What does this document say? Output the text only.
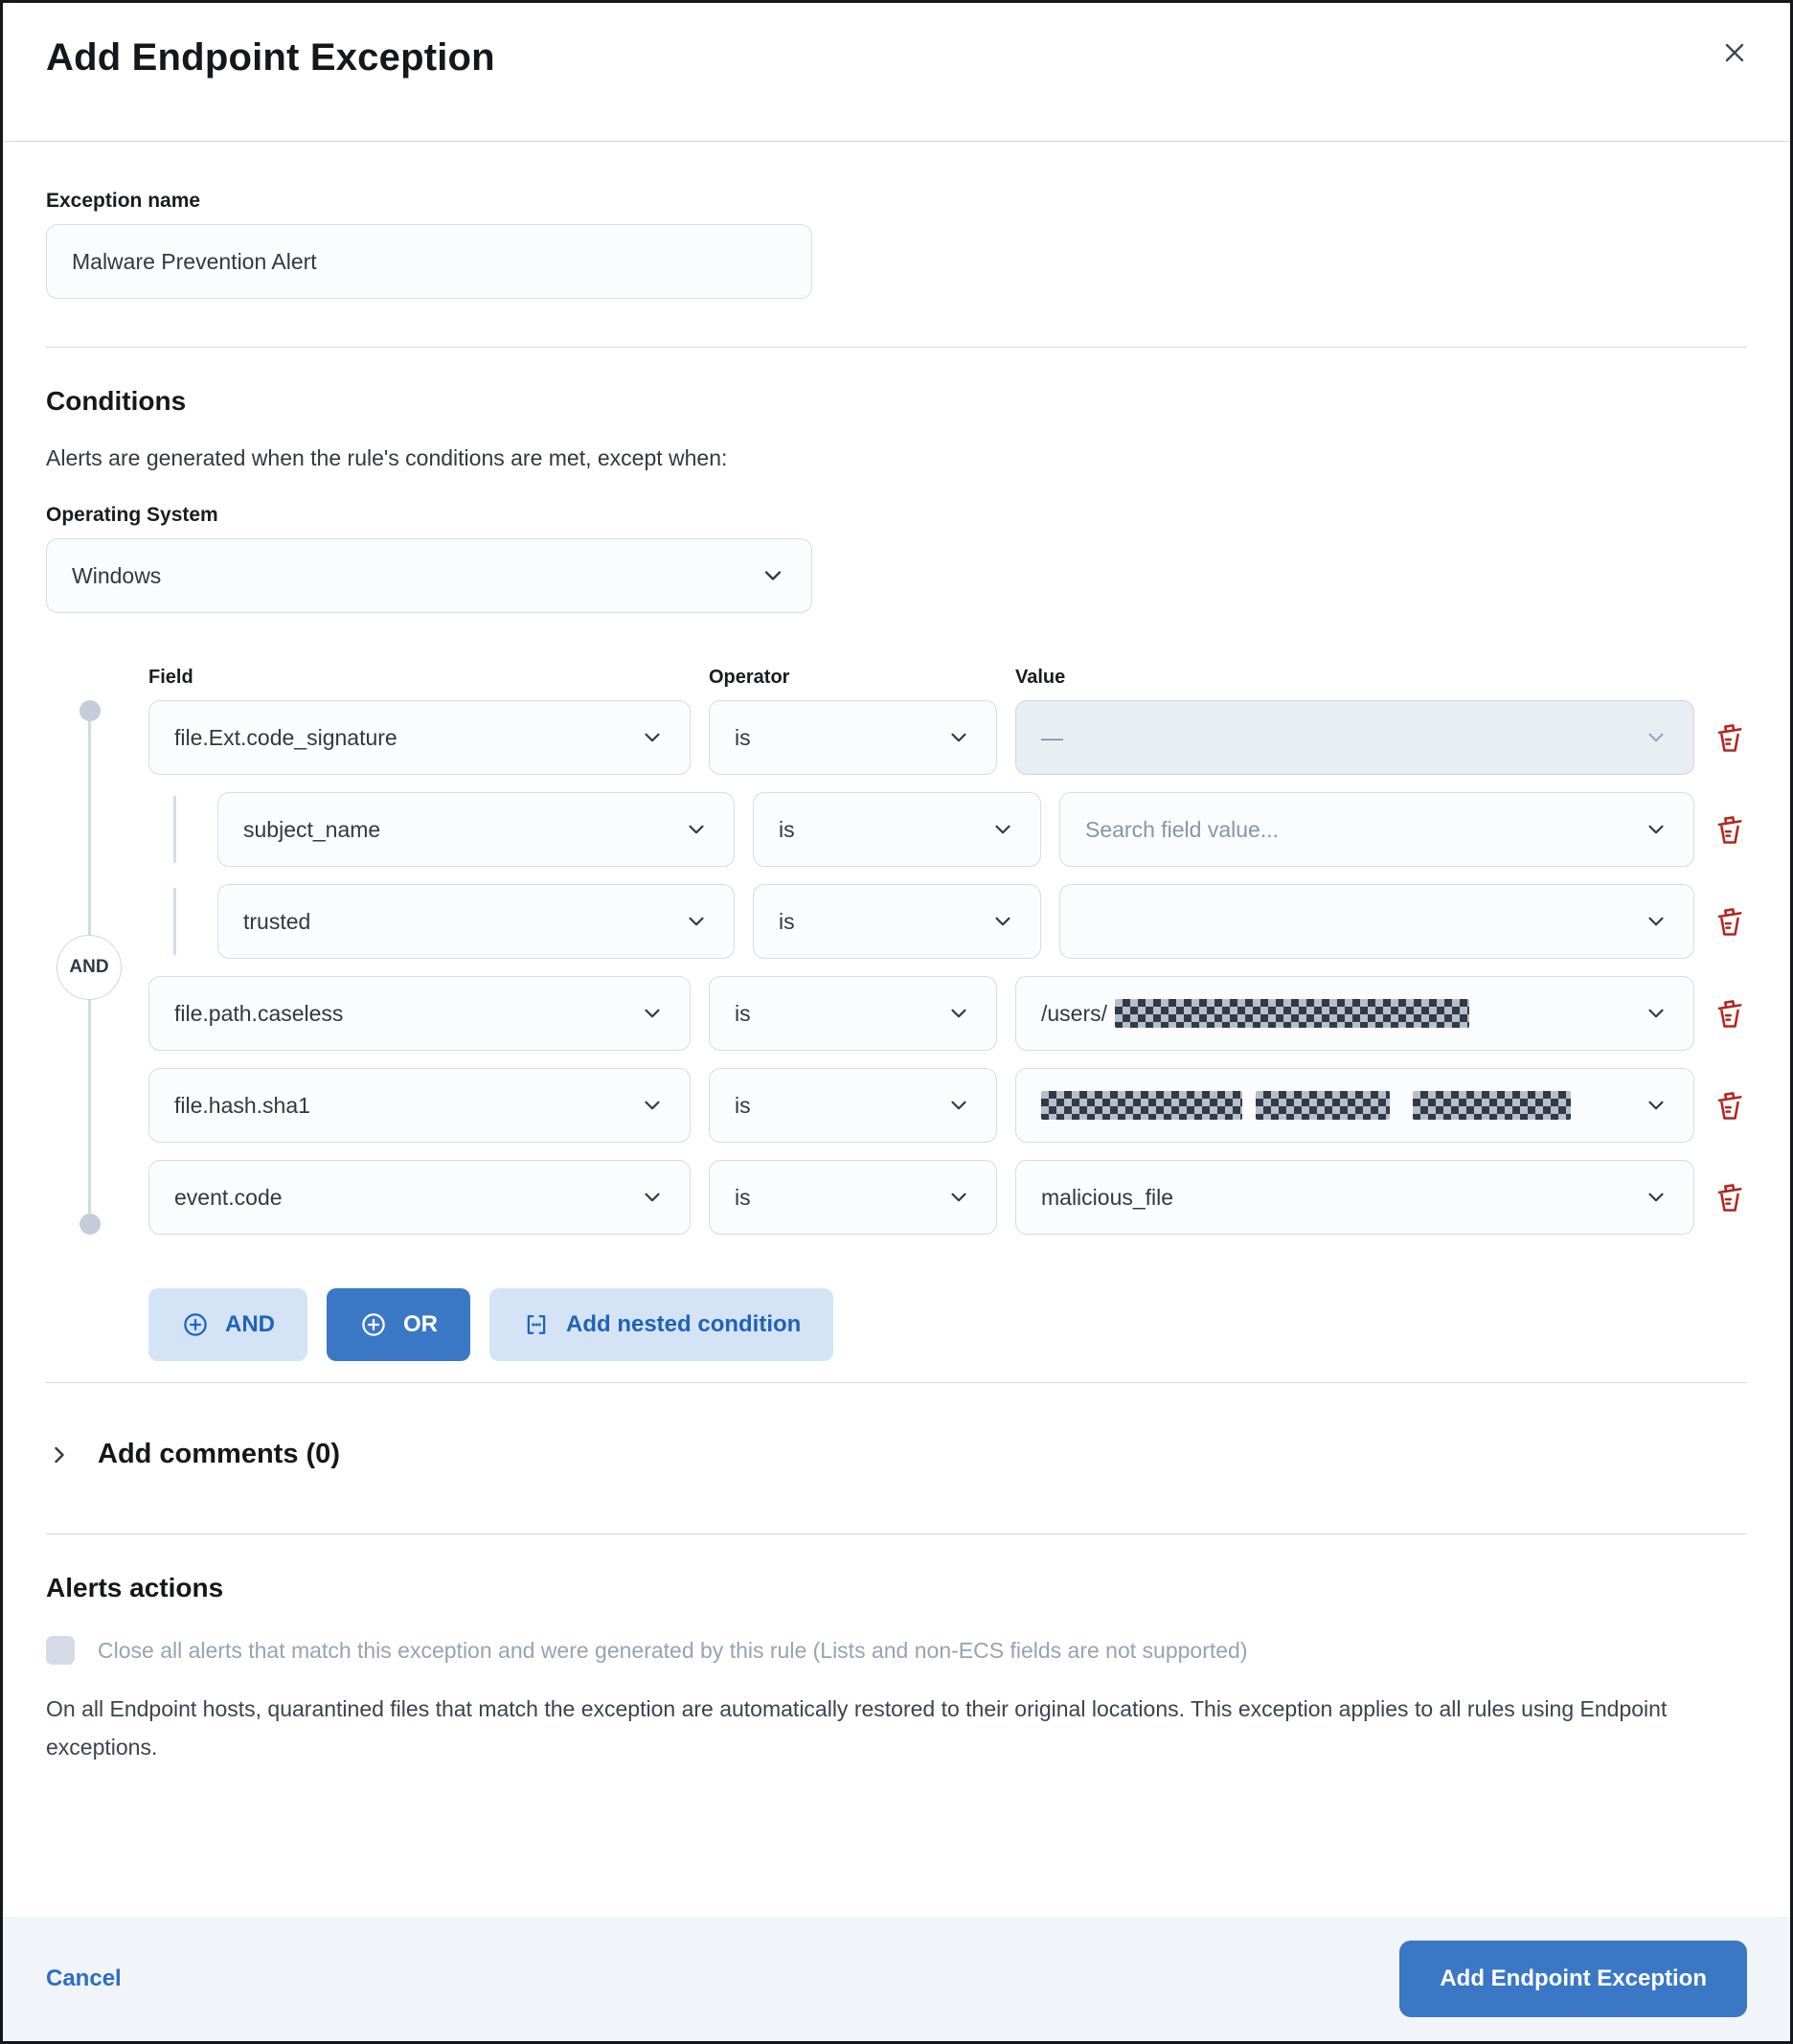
Add Endpoint Exception
Exception name
Malware Prevention Alert
Conditions

Alerts are generated when the rule's conditions are met, except when:

Operating System
Windows
Field	Operator	Value
AND
file.Ext.code_signature	is	—
subject_name	is	Search field value...
trusted	is
file.path.caseless	is	/users/
file.hash.sha1	is
event.code	is	malicious_file
AND	OR	Add nested condition
Add comments (0)
Alerts actions
Close all alerts that match this exception and were generated by this rule (Lists and non-ECS fields are not supported)

On all Endpoint hosts, quarantined files that match the exception are automatically restored to their original locations. This exception applies to all rules using Endpoint exceptions.

Cancel	Add Endpoint Exception
